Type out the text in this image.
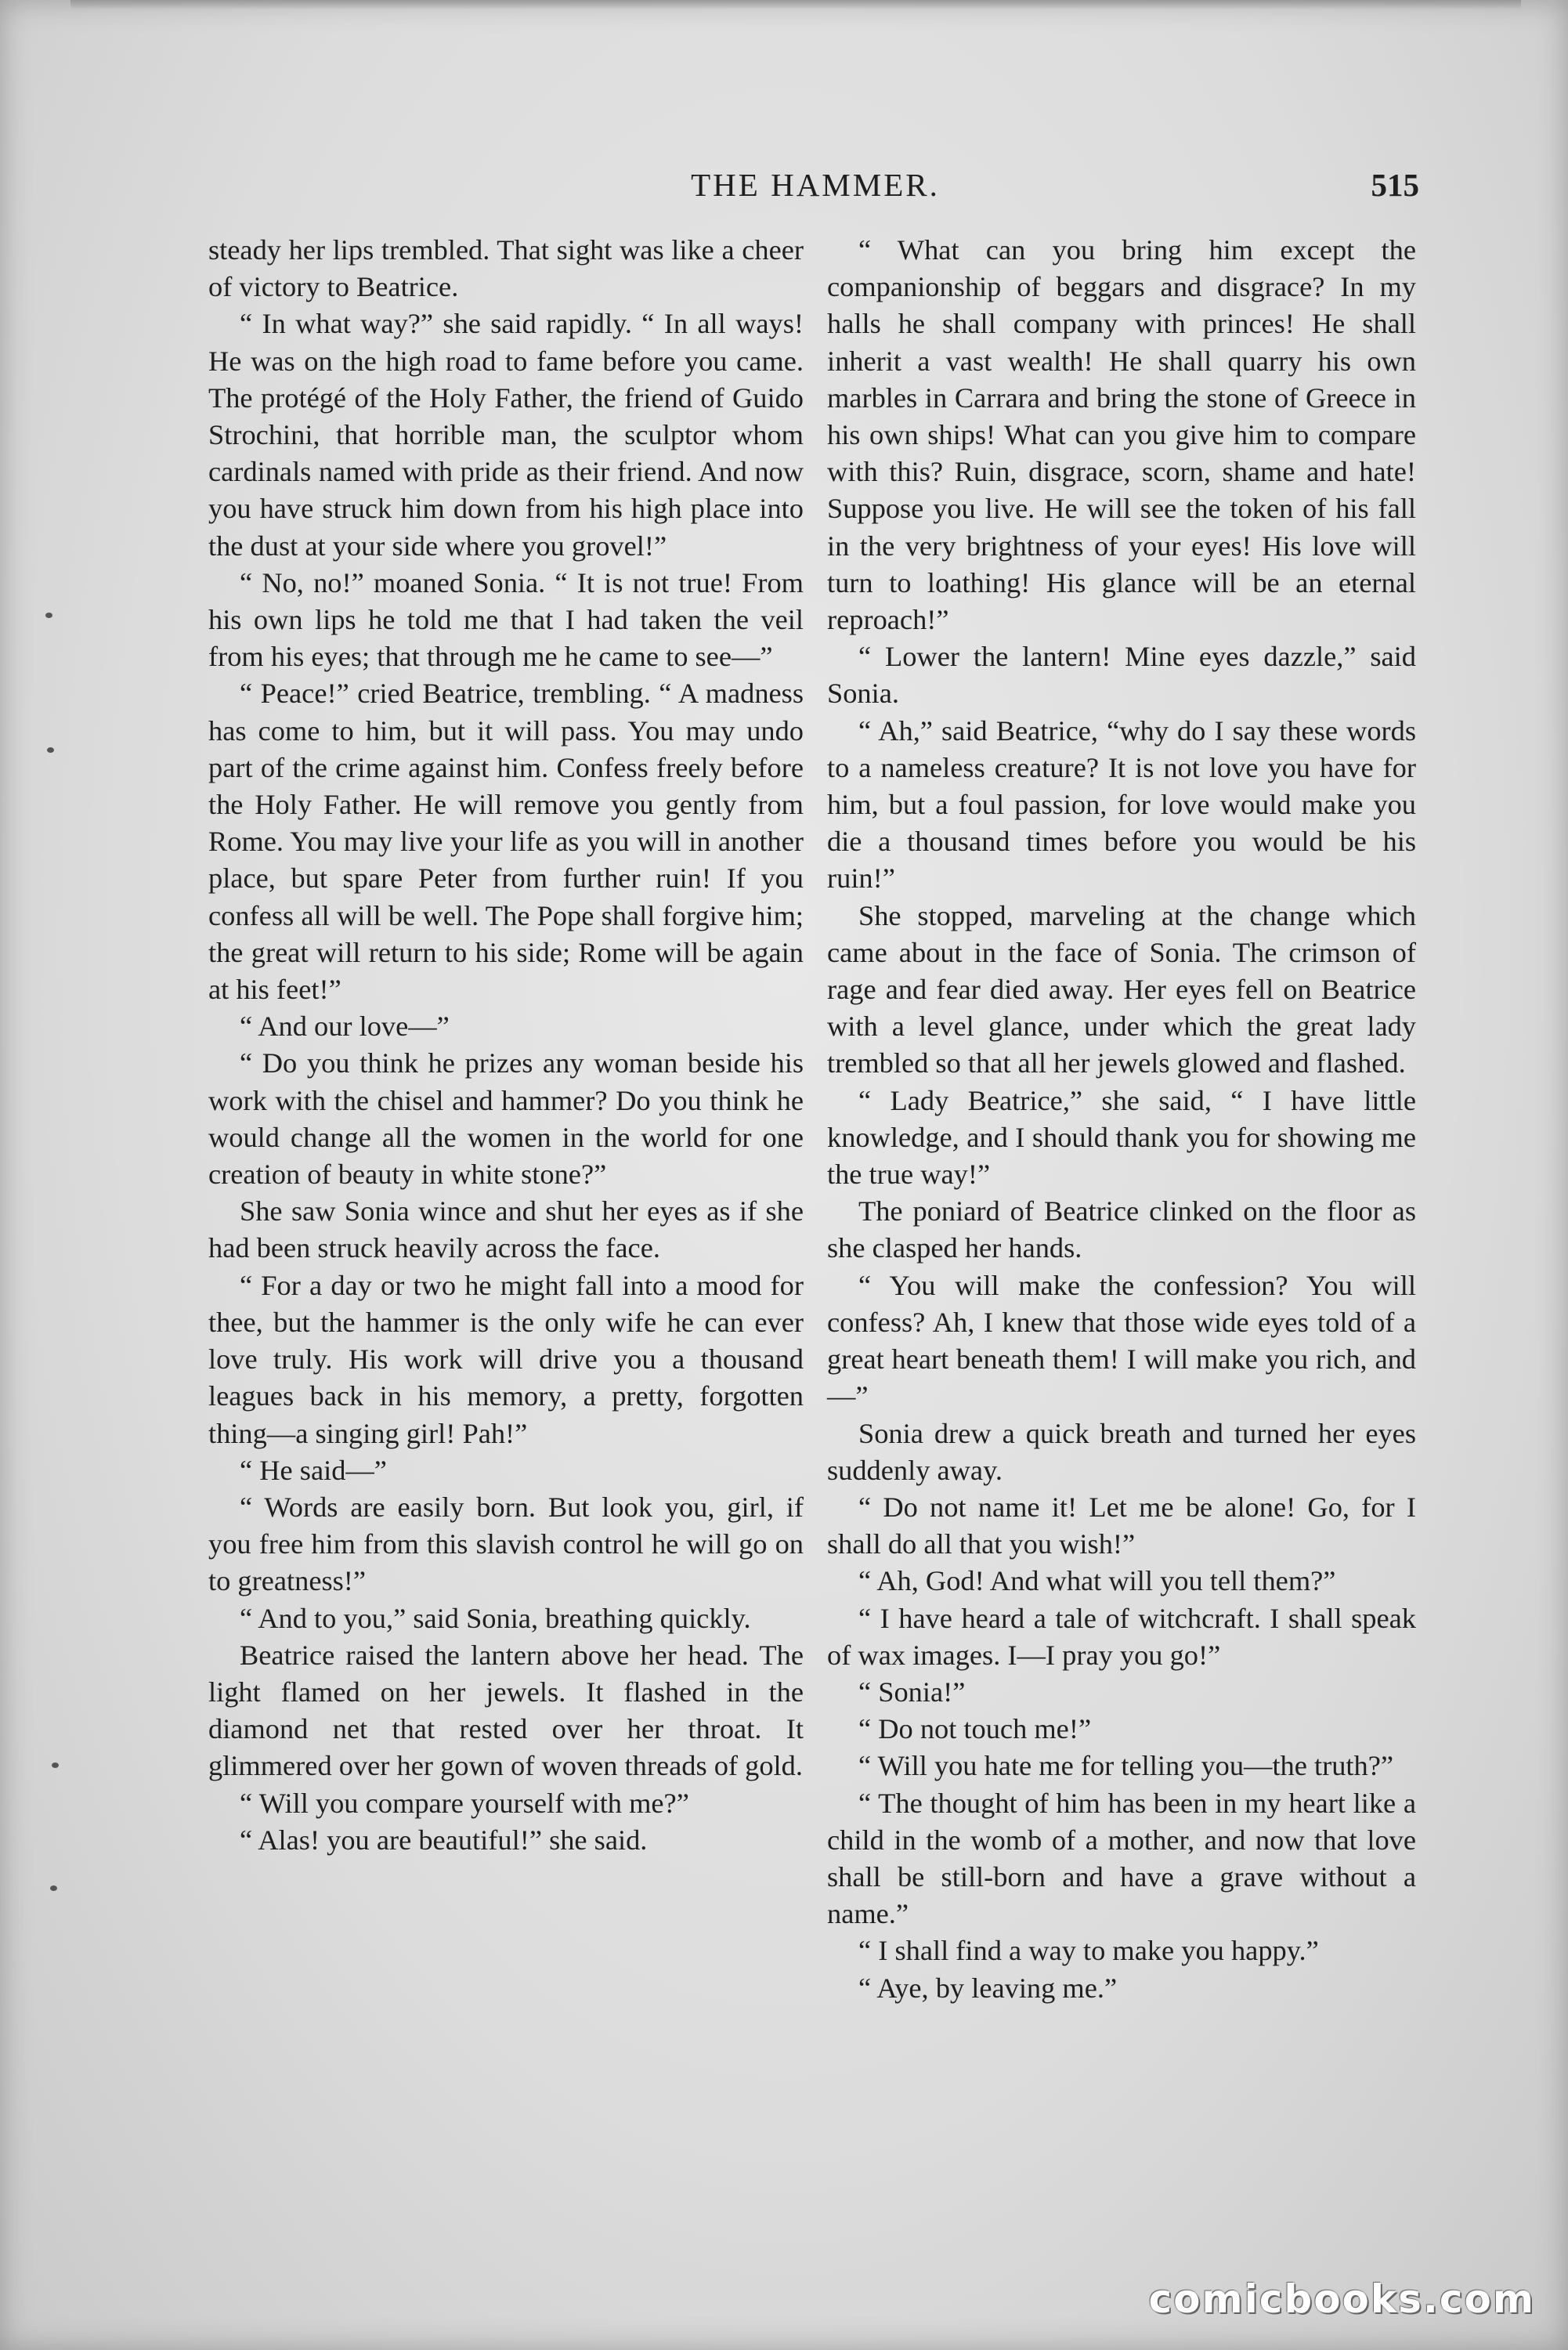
THE HAMMER.	515

steady her lips trembled. That sight was like a cheer of victory to Beatrice.

“ In what way?” she said rapidly. “ In all ways! He was on the high road to fame before you came. The protégé of the Holy Father, the friend of Guido Strochini, that horrible man, the sculptor whom cardinals named with pride as their friend. And now you have struck him down from his high place into the dust at your side where you grovel!”

“ No, no!” moaned Sonia. “ It is not true! From his own lips he told me that I had taken the veil from his eyes; that through me he came to see—”

“ Peace!” cried Beatrice, trembling. “ A madness has come to him, but it will pass. You may undo part of the crime against him. Confess freely before the Holy Father. He will remove you gently from Rome. You may live your life as you will in another place, but spare Peter from further ruin! If you confess all will be well. The Pope shall forgive him; the great will return to his side; Rome will be again at his feet!”

“ And our love—”

“ Do you think he prizes any woman beside his work with the chisel and hammer? Do you think he would change all the women in the world for one creation of beauty in white stone?”

She saw Sonia wince and shut her eyes as if she had been struck heavily across the face.

“ For a day or two he might fall into a mood for thee, but the hammer is the only wife he can ever love truly. His work will drive you a thousand leagues back in his memory, a pretty, forgotten thing—a singing girl! Pah!”

“ He said—”

“ Words are easily born. But look you, girl, if you free him from this slavish control he will go on to greatness!”

“ And to you,” said Sonia, breathing quickly.

Beatrice raised the lantern above her head. The light flamed on her jewels. It flashed in the diamond net that rested over her throat. It glimmered over her gown of woven threads of gold.

“ Will you compare yourself with me?”

“ Alas! you are beautiful!” she said.

“ What can you bring him except the companionship of beggars and disgrace? In my halls he shall company with princes! He shall inherit a vast wealth! He shall quarry his own marbles in Carrara and bring the stone of Greece in his own ships! What can you give him to compare with this? Ruin, disgrace, scorn, shame and hate! Suppose you live. He will see the token of his fall in the very brightness of your eyes! His love will turn to loathing! His glance will be an eternal reproach!”

“ Lower the lantern! Mine eyes dazzle,” said Sonia.

“ Ah,” said Beatrice, “why do I say these words to a nameless creature? It is not love you have for him, but a foul passion, for love would make you die a thousand times before you would be his ruin!”

She stopped, marveling at the change which came about in the face of Sonia. The crimson of rage and fear died away. Her eyes fell on Beatrice with a level glance, under which the great lady trembled so that all her jewels glowed and flashed.

“ Lady Beatrice,” she said, “ I have little knowledge, and I should thank you for showing me the true way!”

The poniard of Beatrice clinked on the floor as she clasped her hands.

“ You will make the confession? You will confess? Ah, I knew that those wide eyes told of a great heart beneath them! I will make you rich, and—”

Sonia drew a quick breath and turned her eyes suddenly away.

“ Do not name it! Let me be alone! Go, for I shall do all that you wish!”

“ Ah, God! And what will you tell them?”

“ I have heard a tale of witchcraft. I shall speak of wax images. I—I pray you go!”

“ Sonia!”

“ Do not touch me!”

“ Will you hate me for telling you—the truth?”

“ The thought of him has been in my heart like a child in the womb of a mother, and now that love shall be still-born and have a grave without a name.”

“ I shall find a way to make you happy.”

“ Aye, by leaving me.”

comicbooks.com
